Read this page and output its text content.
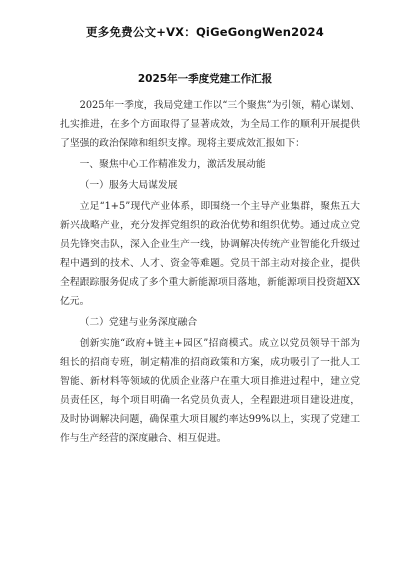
更多免费公文+VX：QiGeGongWen2024
2025年一季度党建工作汇报

2025年一季度，我局党建工作以“三个聚焦”为引领，精心谋划、扎实推进，在多个方面取得了显著成效，为全局工作的顺利开展提供了坚强的政治保障和组织支撑。现将主要成效汇报如下：

一、聚焦中心工作精准发力，激活发展动能

（一）服务大局谋发展

立足“1+5”现代产业体系，即围绕一个主导产业集群，聚焦五大新兴战略产业，充分发挥党组织的政治优势和组织优势。通过成立党员先锋突击队，深入企业生产一线，协调解决传统产业智能化升级过程中遇到的技术、人才、资金等难题。党员干部主动对接企业，提供全程跟踪服务促成了多个重大新能源项目落地，新能源项目投资超XX亿元。

（二）党建与业务深度融合

创新实施“政府+链主+园区”招商模式。成立以党员领导干部为组长的招商专班，制定精准的招商政策和方案，成功吸引了一批人工智能、新材料等领域的优质企业落户在重大项目推进过程中，建立党员责任区，每个项目明确一名党员负责人，全程跟进项目建设进度，及时协调解决问题，确保重大项目履约率达99%以上，实现了党建工作与生产经营的深度融合、相互促进。
